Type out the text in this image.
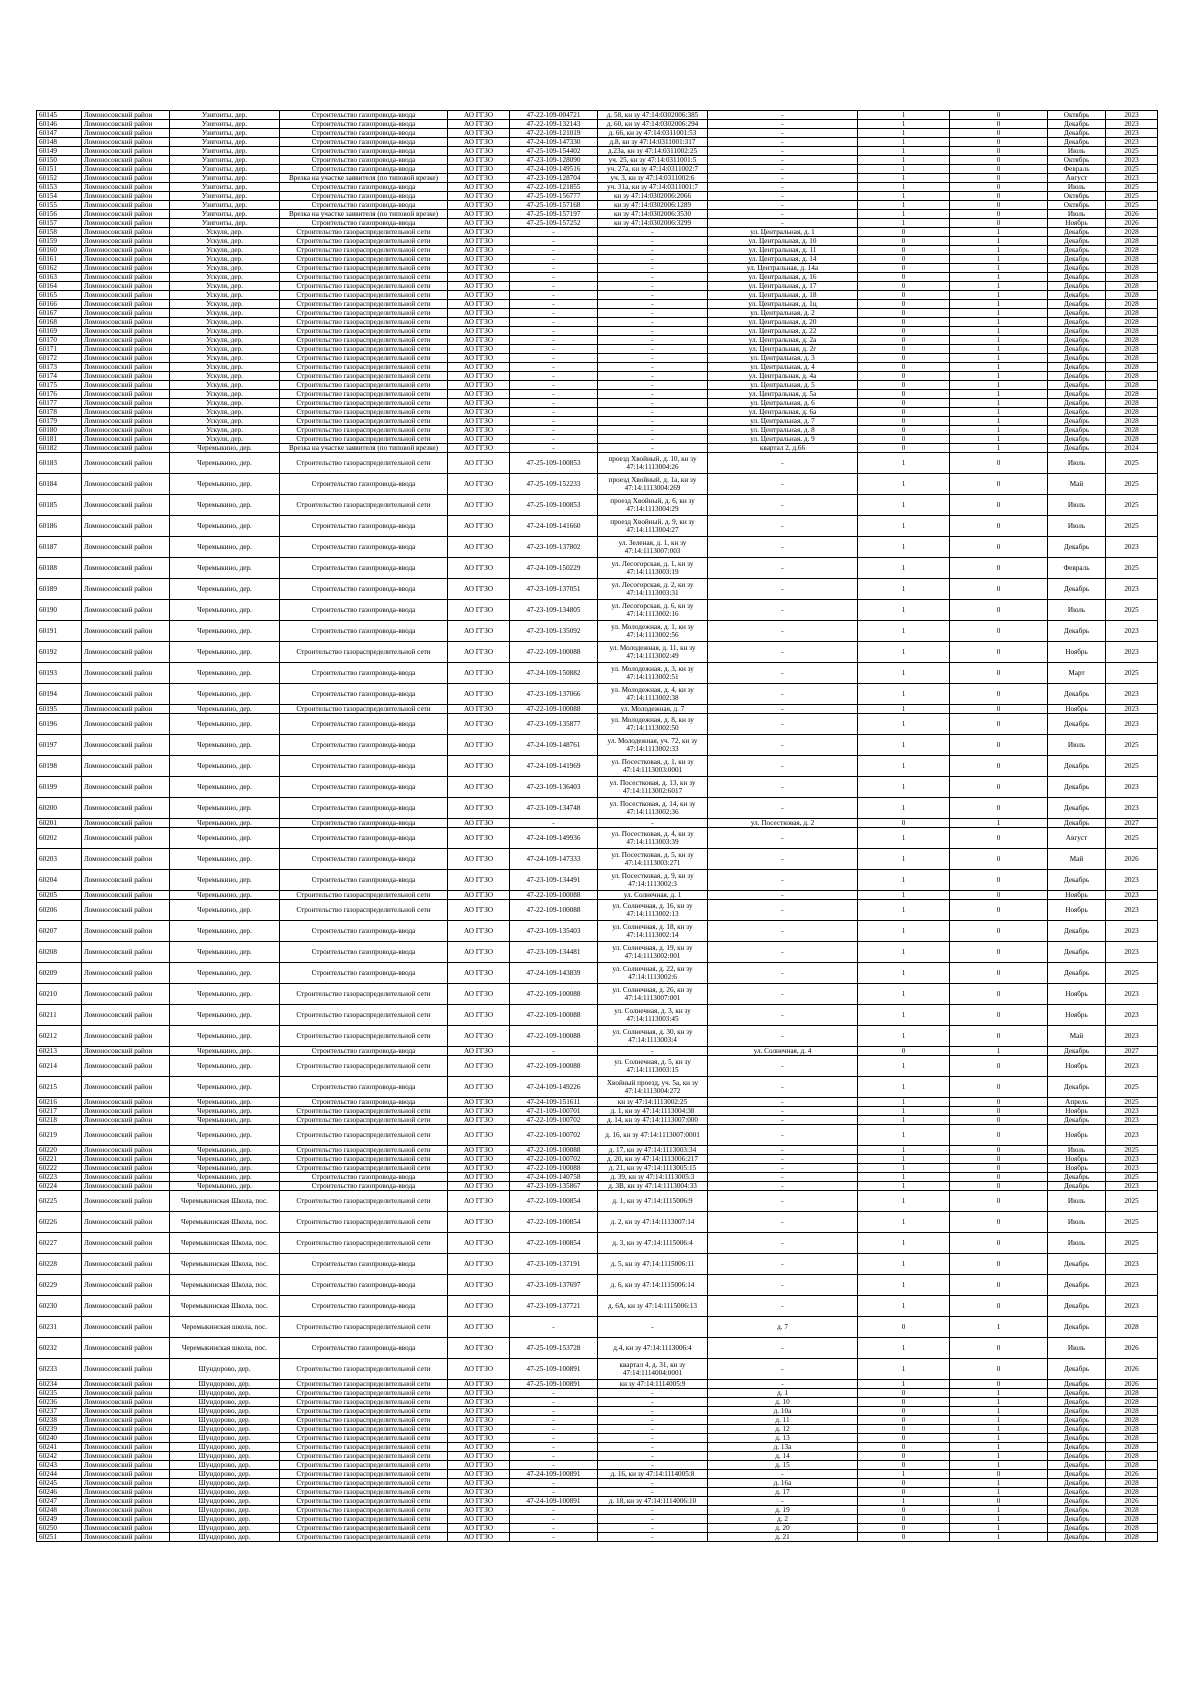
60145	Ломоносовский район	Узигонты, дер.	Строительство газопровода-ввода	АО ГГЗО	47-22-109-004721	д. 58, кн зу 47:14:0302006:385	-	1	0	Октябрь	2023
60146	Ломоносовский район	Узигонты, дер.	Строительство газопровода-ввода	АО ГГЗО	47-22-109-132143	д. 60, кн зу 47:14:0302006:294	-	1	0	Декабрь	2023
60147	Ломоносовский район	Узигонты, дер.	Строительство газопровода-ввода	АО ГГЗО	47-22-109-121019	д. 66, кн зу 47:14:0311001:53	-	1	0	Декабрь	2023
60148	Ломоносовский район	Узигонты, дер.	Строительство газопровода-ввода	АО ГГЗО	47-24-109-147330	д.8, кн зу 47:14:0311001:317	-	1	0	Декабрь	2023
60149	Ломоносовский район	Узигонты, дер.	Строительство газопровода-ввода	АО ГГЗО	47-25-109-154402	д.23а, кн зу 47:14:0311002:25	-	1	0	Июль	2025
60150	Ломоносовский район	Узигонты, дер.	Строительство газопровода-ввода	АО ГГЗО	47-23-109-128090	уч. 25, кн зу 47:14:0311001:5	-	1	0	Октябрь	2023
60151	Ломоносовский район	Узигонты, дер.	Строительство газопровода-ввода	АО ГГЗО	47-24-109-149516	уч. 27а, кн зу 47:14:0311002:7	-	1	0	Февраль	2025
60152	Ломоносовский район	Узигонты, дер.	Врезка на участке заявителя (по типовой врезке)	АО ГГЗО	47-23-109-128704	уч. 3, кн зу 47:14:0311002:6	-	1	0	Август	2023
60153	Ломоносовский район	Узигонты, дер.	Строительство газопровода-ввода	АО ГГЗО	47-22-109-121855	уч. 31а, кн зу 47:14:0311001:7	-	1	0	Июль	2025
60154	Ломоносовский район	Узигонты, дер.	Строительство газопровода-ввода	АО ГГЗО	47-25-109-156777	кн зу 47:14:0302006:2066	-	1	0	Октябрь	2025
60155	Ломоносовский район	Узигонты, дер.	Строительство газопровода-ввода	АО ГГЗО	47-25-109-157168	кн зу 47:14:0302006:1289	-	1	0	Октябрь	2025
60156	Ломоносовский район	Узигонты, дер.	Врезка на участке заявителя (по типовой врезке)	АО ГГЗО	47-25-109-157197	кн зу 47:14:0302006:3530	-	1	0	Июль	2026
60157	Ломоносовский район	Узигонты, дер.	Строительство газопровода-ввода	АО ГГЗО	47-25-109-157252	кн зу 47:14:0302006:3299	-	1	0	Ноябрь	2026
60158	Ломоносовский район	Ускуля, дер.	Строительство газораспределительной сети	АО ГГЗО	-	-	ул. Центральная, д. 1	0	1	Декабрь	2028
60159	Ломоносовский район	Ускуля, дер.	Строительство газораспределительной сети	АО ГГЗО	-	-	ул. Центральная, д. 10	0	1	Декабрь	2028
60160	Ломоносовский район	Ускуля, дер.	Строительство газораспределительной сети	АО ГГЗО	-	-	ул. Центральная, д. 11	0	1	Декабрь	2028
60161	Ломоносовский район	Ускуля, дер.	Строительство газораспределительной сети	АО ГГЗО	-	-	ул. Центральная, д. 14	0	1	Декабрь	2028
60162	Ломоносовский район	Ускуля, дер.	Строительство газораспределительной сети	АО ГГЗО	-	-	ул. Центральная, д. 14а	0	1	Декабрь	2028
60163	Ломоносовский район	Ускуля, дер.	Строительство газораспределительной сети	АО ГГЗО	-	-	ул. Центральная, д. 16	0	1	Декабрь	2028
60164	Ломоносовский район	Ускуля, дер.	Строительство газораспределительной сети	АО ГГЗО	-	-	ул. Центральная, д. 17	0	1	Декабрь	2028
60165	Ломоносовский район	Ускуля, дер.	Строительство газораспределительной сети	АО ГГЗО	-	-	ул. Центральная, д. 18	0	1	Декабрь	2028
60166	Ломоносовский район	Ускуля, дер.	Строительство газораспределительной сети	АО ГГЗО	-	-	ул. Центральная, д. 1ц	0	1	Декабрь	2028
60167	Ломоносовский район	Ускуля, дер.	Строительство газораспределительной сети	АО ГГЗО	-	-	ул. Центральная, д. 2	0	1	Декабрь	2028
60168	Ломоносовский район	Ускуля, дер.	Строительство газораспределительной сети	АО ГГЗО	-	-	ул. Центральная, д. 20	0	1	Декабрь	2028
60169	Ломоносовский район	Ускуля, дер.	Строительство газораспределительной сети	АО ГГЗО	-	-	ул. Центральная, д. 22	0	1	Декабрь	2028
60170	Ломоносовский район	Ускуля, дер.	Строительство газораспределительной сети	АО ГГЗО	-	-	ул. Центральная, д. 2а	0	1	Декабрь	2028
60171	Ломоносовский район	Ускуля, дер.	Строительство газораспределительной сети	АО ГГЗО	-	-	ул. Центральная, д. 2г	0	1	Декабрь	2028
60172	Ломоносовский район	Ускуля, дер.	Строительство газораспределительной сети	АО ГГЗО	-	-	ул. Центральная, д. 3	0	1	Декабрь	2028
60173	Ломоносовский район	Ускуля, дер.	Строительство газораспределительной сети	АО ГГЗО	-	-	ул. Центральная, д. 4	0	1	Декабрь	2028
60174	Ломоносовский район	Ускуля, дер.	Строительство газораспределительной сети	АО ГГЗО	-	-	ул. Центральная, д. 4а	0	1	Декабрь	2028
60175	Ломоносовский район	Ускуля, дер.	Строительство газораспределительной сети	АО ГГЗО	-	-	ул. Центральная, д. 5	0	1	Декабрь	2028
60176	Ломоносовский район	Ускуля, дер.	Строительство газораспределительной сети	АО ГГЗО	-	-	ул. Центральная, д. 5а	0	1	Декабрь	2028
60177	Ломоносовский район	Ускуля, дер.	Строительство газораспределительной сети	АО ГГЗО	-	-	ул. Центральная, д. 6	0	1	Декабрь	2028
60178	Ломоносовский район	Ускуля, дер.	Строительство газораспределительной сети	АО ГГЗО	-	-	ул. Центральная, д. 6а	0	1	Декабрь	2028
60179	Ломоносовский район	Ускуля, дер.	Строительство газораспределительной сети	АО ГГЗО	-	-	ул. Центральная, д. 7	0	1	Декабрь	2028
60180	Ломоносовский район	Ускуля, дер.	Строительство газораспределительной сети	АО ГГЗО	-	-	ул. Центральная, д. 8	0	1	Декабрь	2028
60181	Ломоносовский район	Ускуля, дер.	Строительство газораспределительной сети	АО ГГЗО	-	-	ул. Центральная, д. 9	0	1	Декабрь	2028
60182	Ломоносовский район	Черемыкино, дер.	Врезка на участке заявителя (по типовой врезке)	АО ГГЗО	-	-	квартал 2, д.66	0	1	Декабрь	2024
60183	Ломоносовский район	Черемыкино, дер.	Строительство газораспределительной сети	АО ГГЗО	47-25-109-100853	проезд Хвойный, д. 10, кн зу 47:14:1113004:26	-	1	0	Июль	2025
60184	Ломоносовский район	Черемыкино, дер.	Строительство газопровода-ввода	АО ГГЗО	47-25-109-152233	проезд Хвойный, д. 1а, кн зу 47:14:1113004:269	-	1	0	Май	2025
60185	Ломоносовский район	Черемыкино, дер.	Строительство газораспределительной сети	АО ГГЗО	47-25-109-100853	проезд Хвойный, д. 6, кн зу 47:14:1113004:29	-	1	0	Июль	2025
60186	Ломоносовский район	Черемыкино, дер.	Строительство газопровода-ввода	АО ГГЗО	47-24-109-141660	проезд Хвойный, д. 9, кн зу 47:14:1113004:27	-	1	0	Июль	2025
60187	Ломоносовский район	Черемыкино, дер.	Строительство газопровода-ввода	АО ГГЗО	47-23-109-137802	ул. Зеленая, д. 1, кн зу 47:14:1113007:003	-	1	0	Декабрь	2023
60188	Ломоносовский район	Черемыкино, дер.	Строительство газопровода-ввода	АО ГГЗО	47-24-109-150229	ул. Лесогорская, д. 1, кн зу 47:14:1113003:19	-	1	0	Февраль	2025
60189	Ломоносовский район	Черемыкино, дер.	Строительство газопровода-ввода	АО ГГЗО	47-23-109-137051	ул. Лесогорская, д. 2, кн зу 47:14:1113003:31	-	1	0	Декабрь	2023
60190	Ломоносовский район	Черемыкино, дер.	Строительство газопровода-ввода	АО ГГЗО	47-23-109-134805	ул. Лесогорская, д. 6, кн зу 47:14:1113002:16	-	1	0	Июль	2025
60191	Ломоносовский район	Черемыкино, дер.	Строительство газопровода-ввода	АО ГГЗО	47-23-109-135092	ул. Молодежная, д. 1, кн зу 47:14:1113002:56	-	1	0	Декабрь	2023
60192	Ломоносовский район	Черемыкино, дер.	Строительство газораспределительной сети	АО ГГЗО	47-22-109-100088	ул. Молодежная, д. 11, кн зу 47:14:1113002:49	-	1	0	Ноябрь	2023
60193	Ломоносовский район	Черемыкино, дер.	Строительство газопровода-ввода	АО ГГЗО	47-24-109-150882	ул. Молодежная, д. 3, кн зу 47:14:1113002:51	-	1	0	Март	2025
60194	Ломоносовский район	Черемыкино, дер.	Строительство газопровода-ввода	АО ГГЗО	47-23-109-137066	ул. Молодежная, д. 4, кн зу 47:14:1113002:38	-	1	0	Декабрь	2023
60195	Ломоносовский район	Черемыкино, дер.	Строительство газораспределительной сети	АО ГГЗО	47-22-109-100088	ул. Молодежная, д. 7	-	1	0	Ноябрь	2023
60196	Ломоносовский район	Черемыкино, дер.	Строительство газопровода-ввода	АО ГГЗО	47-23-109-135877	ул. Молодежная, д. 8, кн зу 47:14:1113002:50	-	1	0	Декабрь	2023
60197	Ломоносовский район	Черемыкино, дер.	Строительство газопровода-ввода	АО ГГЗО	47-24-109-148761	ул. Молодежная, уч. 72, кн зу 47:14:1113002:33	-	1	0	Июль	2025
60198	Ломоносовский район	Черемыкино, дер.	Строительство газопровода-ввода	АО ГГЗО	47-24-109-141969	ул. Посестковая, д. 1, кн зу 47:14:1113003:0001	-	1	0	Декабрь	2025
60199	Ломоносовский район	Черемыкино, дер.	Строительство газопровода-ввода	АО ГГЗО	47-23-109-136403	ул. Посестковая, д. 13, кн зу 47:14:1113002:6017	-	1	0	Декабрь	2023
60200	Ломоносовский район	Черемыкино, дер.	Строительство газопровода-ввода	АО ГГЗО	47-23-109-134748	ул. Посестковая, д. 14, кн зу 47:14:1113002:36	-	1	0	Декабрь	2023
60201	Ломоносовский район	Черемыкино, дер.	Строительство газопровода-ввода	АО ГГЗО	-	-	ул. Посестковая, д. 2	0	1	Декабрь	2027
60202	Ломоносовский район	Черемыкино, дер.	Строительство газопровода-ввода	АО ГГЗО	47-24-109-149936	ул. Посестковая, д. 4, кн зу 47:14:1113003:39	-	1	0	Август	2025
60203	Ломоносовский район	Черемыкино, дер.	Строительство газопровода-ввода	АО ГГЗО	47-24-109-147333	ул. Посестковая, д. 5, кн зу 47:14:1113003:271	-	1	0	Май	2026
60204	Ломоносовский район	Черемыкино, дер.	Строительство газопровода-ввода	АО ГГЗО	47-23-109-134491	ул. Посестковая, д. 9, кн зу 47:14:1113002:3	-	1	0	Декабрь	2023
60205	Ломоносовский район	Черемыкино, дер.	Строительство газораспределительной сети	АО ГГЗО	47-22-109-100088	ул. Солнечная, д. 1	-	1	0	Ноябрь	2023
60206	Ломоносовский район	Черемыкино, дер.	Строительство газораспределительной сети	АО ГГЗО	47-22-109-100088	ул. Солнечная, д. 16, кн зу 47:14:1113002:13	-	1	0	Ноябрь	2023
60207	Ломоносовский район	Черемыкино, дер.	Строительство газопровода-ввода	АО ГГЗО	47-23-109-135403	ул. Солнечная, д. 18, кн зу 47:14:1113002:14	-	1	0	Декабрь	2023
60208	Ломоносовский район	Черемыкино, дер.	Строительство газопровода-ввода	АО ГГЗО	47-23-109-134481	ул. Солнечная, д. 19, кн зу 47:14:1113002:001	-	1	0	Декабрь	2023
60209	Ломоносовский район	Черемыкино, дер.	Строительство газопровода-ввода	АО ГГЗО	47-24-109-143839	ул. Солнечная, д. 22, кн зу 47:14:1113002:6	-	1	0	Декабрь	2025
60210	Ломоносовский район	Черемыкино, дер.	Строительство газораспределительной сети	АО ГГЗО	47-22-109-100088	ул. Солнечная, д. 26, кн зу 47:14:1113007:001	-	1	0	Ноябрь	2023
60211	Ломоносовский район	Черемыкино, дер.	Строительство газораспределительной сети	АО ГГЗО	47-22-109-100088	ул. Солнечная, д. 3, кн зу 47:14:1113003:45	-	1	0	Ноябрь	2023
60212	Ломоносовский район	Черемыкино, дер.	Строительство газораспределительной сети	АО ГГЗО	47-22-109-100088	ул. Солнечная, д. 30, кн зу 47:14:1113003:4	-	1	0	Май	2023
60213	Ломоносовский район	Черемыкино, дер.	Строительство газопровода-ввода	АО ГГЗО	-	-	ул. Солнечная, д. 4	0	1	Декабрь	2027
60214	Ломоносовский район	Черемыкино, дер.	Строительство газораспределительной сети	АО ГГЗО	47-22-109-100088	ул. Солнечная, д. 5, кн зу 47:14:1113003:15	-	1	0	Ноябрь	2023
60215	Ломоносовский район	Черемыкино, дер.	Строительство газопровода-ввода	АО ГГЗО	47-24-109-149226	Хвойный проезд, уч. 5а, кн зу 47:14:1113004:272	-	1	0	Декабрь	2025
60216	Ломоносовский район	Черемыкино, дер.	Строительство газопровода-ввода	АО ГГЗО	47-24-109-151611	кн зу 47:14:1113002:25	-	1	0	Апрель	2025
60217	Ломоносовский район	Черемыкино, дер.	Строительство газораспределительной сети	АО ГГЗО	47-21-109-100701	д. 1, кн зу 47:14:1113004:38	-	1	0	Ноябрь	2023
60218	Ломоносовский район	Черемыкино, дер.	Строительство газораспределительной сети	АО ГГЗО	47-22-109-100702	д. 14, кн зу 47:14:1113007:000	-	1	0	Декабрь	2023
60219	Ломоносовский район	Черемыкино, дер.	Строительство газораспределительной сети	АО ГГЗО	47-22-109-100702	д. 16, кн зу 47:14:1113007:0001	-	1	0	Ноябрь	2023
60220	Ломоносовский район	Черемыкино, дер.	Строительство газораспределительной сети	АО ГГЗО	47-22-109-100088	д. 17, кн зу 47:14:1113003:34	-	1	0	Июль	2025
60221	Ломоносовский район	Черемыкино, дер.	Строительство газораспределительной сети	АО ГГЗО	47-22-109-100702	д. 20, кн зу 47:14:1113006:217	-	1	0	Ноябрь	2023
60222	Ломоносовский район	Черемыкино, дер.	Строительство газораспределительной сети	АО ГГЗО	47-22-109-100088	д. 21, кн зу 47:14:1113005:15	-	1	0	Ноябрь	2023
60223	Ломоносовский район	Черемыкино, дер.	Строительство газопровода-ввода	АО ГГЗО	47-24-109-140758	д. 39, кн зу 47:14:1113005:3	-	1	0	Декабрь	2025
60224	Ломоносовский район	Черемыкино, дер.	Строительство газопровода-ввода	АО ГГЗО	47-23-109-135867	д. 3В, кн зу 47:14:1113004:33	-	1	0	Декабрь	2023
60225	Ломоносовский район	Черемыкинская Школа, пос.	Строительство газораспределительной сети	АО ГГЗО	47-22-109-100854	д. 1, кн зу 47:14:1115006:9	-	1	0	Июль	2025
60226	Ломоносовский район	Черемыкинская Школа, пос.	Строительство газораспределительной сети	АО ГГЗО	47-22-109-100854	д. 2, кн зу 47:14:1113007:14	-	1	0	Июль	2025
60227	Ломоносовский район	Черемыкинская Школа, пос.	Строительство газораспределительной сети	АО ГГЗО	47-22-109-100854	д. 3, кн зу 47:14:1115006:4	-	1	0	Июль	2025
60228	Ломоносовский район	Черемыкинская Школа, пос.	Строительство газопровода-ввода	АО ГГЗО	47-23-109-137191	д. 5, кн зу 47:14:1115006:11	-	1	0	Декабрь	2023
60229	Ломоносовский район	Черемыкинская Школа, пос.	Строительство газопровода-ввода	АО ГГЗО	47-23-109-137697	д. 6, кн зу 47:14:1115006:14	-	1	0	Декабрь	2023
60230	Ломоносовский район	Черемыкинская Школа, пос.	Строительство газопровода-ввода	АО ГГЗО	47-23-109-137721	д. 6А, кн зу 47:14:1115006:13	-	1	0	Декабрь	2023
60231	Ломоносовский район	Черемыкинская школа, пос.	Строительство газораспределительной сети	АО ГГЗО	-	-	д. 7	0	1	Декабрь	2028
60232	Ломоносовский район	Черемыкинская школа, пос.	Строительство газопровода-ввода	АО ГГЗО	47-25-109-153728	д.4, кн зу 47:14:1113006:4	-	1	0	Июль	2026
60233	Ломоносовский район	Шундорово, дер.	Строительство газораспределительной сети	АО ГГЗО	47-25-109-100891	квартал 4, д. 31, кн зу 47:14:1114004:0001	-	1	0	Декабрь	2026
60234	Ломоносовский район	Шундорово, дер.	Строительство газораспределительной сети	АО ГГЗО	47-25-109-100891	кн зу 47:14:1114005:9	-	1	0	Декабрь	2026
60235	Ломоносовский район	Шундорово, дер.	Строительство газораспределительной сети	АО ГГЗО	-	-	д. 1	0	1	Декабрь	2028
60236	Ломоносовский район	Шундорово, дер.	Строительство газораспределительной сети	АО ГГЗО	-	-	д. 10	0	1	Декабрь	2028
60237	Ломоносовский район	Шундорово, дер.	Строительство газораспределительной сети	АО ГГЗО	-	-	д. 10а	0	1	Декабрь	2028
60238	Ломоносовский район	Шундорово, дер.	Строительство газораспределительной сети	АО ГГЗО	-	-	д. 11	0	1	Декабрь	2028
60239	Ломоносовский район	Шундорово, дер.	Строительство газораспределительной сети	АО ГГЗО	-	-	д. 12	0	1	Декабрь	2028
60240	Ломоносовский район	Шундорово, дер.	Строительство газораспределительной сети	АО ГГЗО	-	-	д. 13	0	1	Декабрь	2028
60241	Ломоносовский район	Шундорово, дер.	Строительство газораспределительной сети	АО ГГЗО	-	-	д. 13а	0	1	Декабрь	2028
60242	Ломоносовский район	Шундорово, дер.	Строительство газораспределительной сети	АО ГГЗО	-	-	д. 14	0	1	Декабрь	2028
60243	Ломоносовский район	Шундорово, дер.	Строительство газораспределительной сети	АО ГГЗО	-	-	д. 15	0	1	Декабрь	2028
60244	Ломоносовский район	Шундорово, дер.	Строительство газораспределительной сети	АО ГГЗО	47-24-109-100891	д. 16, кн зу 47:14:1114005:8	-	1	0	Декабрь	2026
60245	Ломоносовский район	Шундорово, дер.	Строительство газораспределительной сети	АО ГГЗО	-	-	д. 16а	0	1	Декабрь	2028
60246	Ломоносовский район	Шундорово, дер.	Строительство газораспределительной сети	АО ГГЗО	-	-	д. 17	0	1	Декабрь	2028
60247	Ломоносовский район	Шундорово, дер.	Строительство газораспределительной сети	АО ГГЗО	47-24-109-100891	д. 18, кн зу 47:14:1114006:10	-	1	0	Декабрь	2026
60248	Ломоносовский район	Шундорово, дер.	Строительство газораспределительной сети	АО ГГЗО	-	-	д. 19	0	1	Декабрь	2028
60249	Ломоносовский район	Шундорово, дер.	Строительство газораспределительной сети	АО ГГЗО	-	-	д. 2	0	1	Декабрь	2028
60250	Ломоносовский район	Шундорово, дер.	Строительство газораспределительной сети	АО ГГЗО	-	-	д. 20	0	1	Декабрь	2028
60251	Ломоносовский район	Шундорово, дер.	Строительство газораспределительной сети	АО ГГЗО	-	-	д. 21	0	1	Декабрь	2028
